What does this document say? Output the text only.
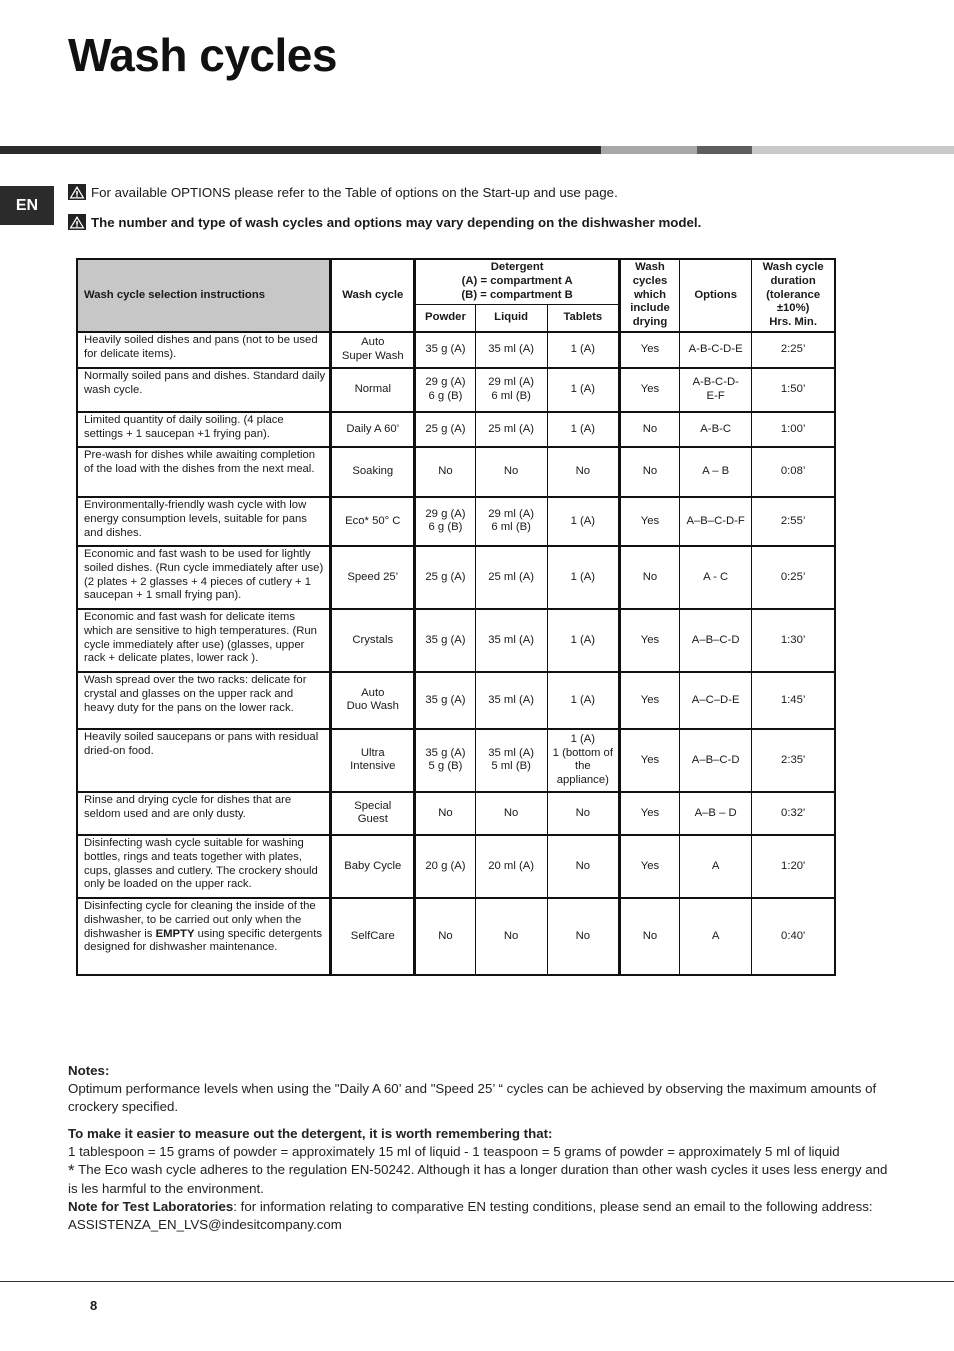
Wash cycles
EN
For available OPTIONS please refer to the Table of options on the Start-up and use page.
The number and type of wash cycles and options may vary depending on the dishwasher model.
Wash cycle selection instructions	Wash cycle	Detergent
(A) = compartment A
(B) = compartment B			Wash
cycles
which
include
drying	Options	Wash cycle
duration
(tolerance
±10%)
Hrs. Min.
		Powder	Liquid	Tablets			
Heavily soiled dishes and pans (not to be used for delicate items).	Auto
Super Wash	35 g (A)	35 ml (A)	1 (A)	Yes	A-B-C-D-E	2:25’
Normally soiled pans and dishes. Standard daily wash cycle.	Normal	29 g (A)
6 g (B)	29 ml (A)
6 ml (B)	1 (A)	Yes	A-B-C-D-
E-F	1:50’
Limited quantity of daily soiling. (4 place settings + 1 saucepan +1 frying pan).	Daily A 60’	25 g (A)	25 ml (A)	1 (A)	No	A-B-C	1:00’
Pre-wash for dishes while awaiting completion of the load with the dishes from the next meal.	Soaking	No	No	No	No	A – B	0:08’
Environmentally-friendly wash cycle with low energy consumption levels, suitable for pans and dishes.	Eco* 50° C	29 g (A)
6 g (B)	29 ml (A)
6 ml (B)	1 (A)	Yes	A–B–C-D-F	2:55’
Economic and fast wash to be used for lightly soiled dishes. (Run cycle immediately after use) (2 plates + 2 glasses + 4 pieces of cutlery + 1 saucepan + 1 small frying pan).	Speed 25’	25 g (A)	25 ml (A)	1 (A)	No	A - C	0:25’
Economic and fast wash for delicate items which are sensitive to high temperatures. (Run cycle immediately after use) (glasses, upper rack + delicate plates, lower rack ).	Crystals	35 g (A)	35 ml (A)	1 (A)	Yes	A–B–C-D	1:30’
Wash spread over the two racks: delicate for crystal and glasses on the upper rack and heavy duty for the pans on the lower rack.	Auto
Duo Wash	35 g (A)	35 ml (A)	1 (A)	Yes	A–C–D-E	1:45’
Heavily soiled saucepans or pans with residual dried-on food.	Ultra
Intensive	35 g (A)
5 g (B)	35 ml (A)
5 ml (B)	1 (A)
1 (bottom of the appliance)	Yes	A–B–C-D	2:35'
Rinse and drying cycle for dishes that are seldom used and are only dusty.	Special
Guest	No	No	No	Yes	A–B – D	0:32'
Disinfecting wash cycle suitable for washing bottles, rings and teats together with plates, cups, glasses and cutlery. The crockery should only be loaded on the upper rack.	Baby Cycle	20 g (A)	20 ml (A)	No	Yes	A	1:20'
Disinfecting cycle for cleaning the inside of the dishwasher, to be carried out only when the dishwasher is EMPTY using specific detergents designed for dishwasher maintenance.	SelfCare	No	No	No	No	A	0:40'

Notes:

Optimum performance levels when using the "Daily A 60’ and "Speed 25’ “ cycles can be achieved by observing the maximum amounts of crockery specified.

To make it easier to measure out the detergent, it is worth remembering that:

1 tablespoon = 15 grams of powder = approximately 15 ml of liquid - 1 teaspoon = 5 grams of powder = approximately 5 ml of liquid

* The Eco wash cycle adheres to the regulation EN-50242. Although it has a longer duration than other wash cycles it uses less energy and is les harmful to the environment.

Note for Test Laboratories: for information relating to comparative EN testing conditions, please send an email to the following address: ASSISTENZA_EN_LVS@indesitcompany.com

8
